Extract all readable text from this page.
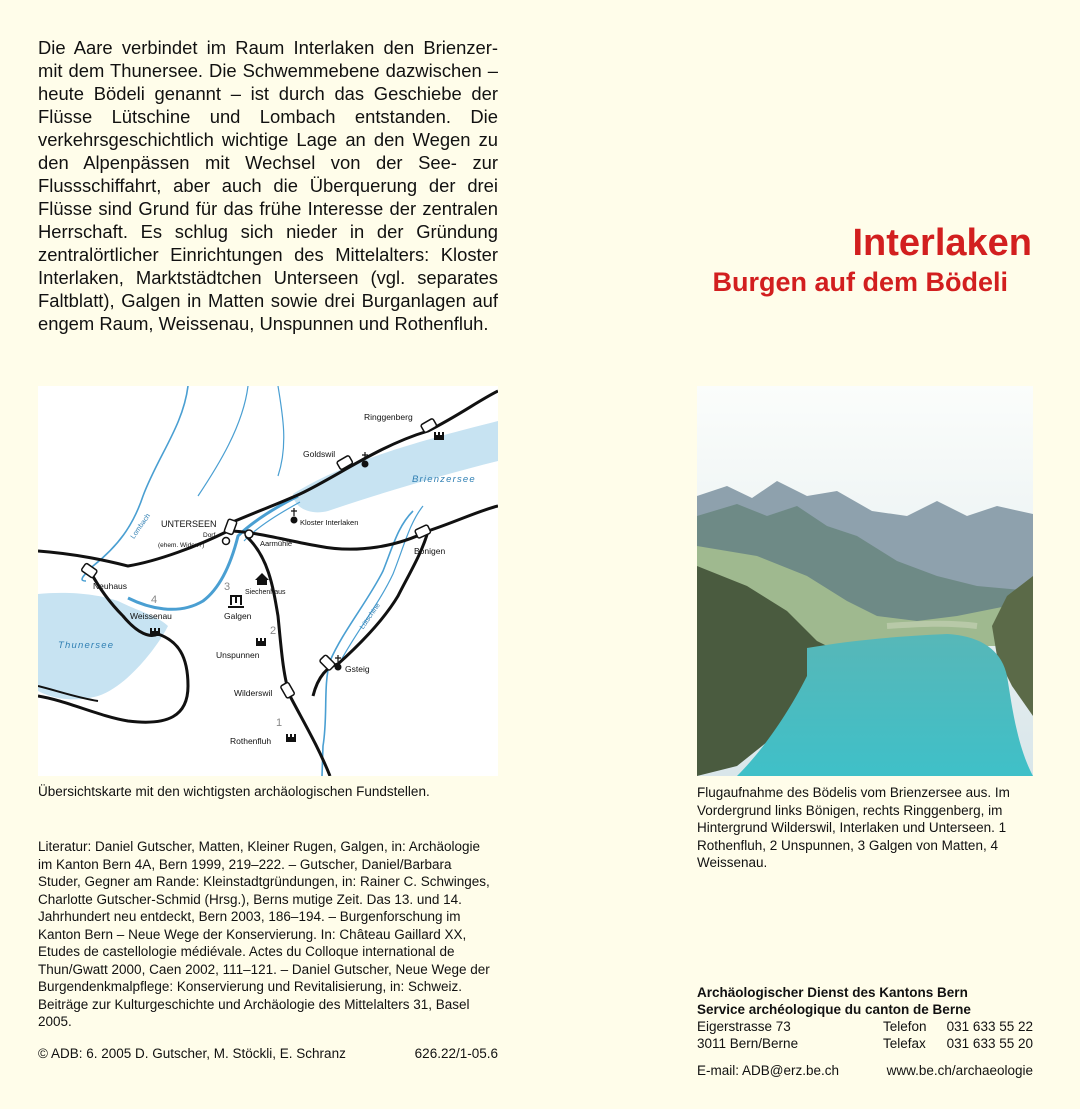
Die Aare verbindet im Raum Interlaken den Brienzer- mit dem Thunersee. Die Schwemmebene dazwischen – heute Bödeli genannt – ist durch das Geschiebe der Flüsse Lütschine und Lombach entstanden. Die verkehrsgeschichtlich wichtige Lage an den Wegen zu den Alpenpässen mit Wechsel von der See- zur Flussschiffahrt, aber auch die Überquerung der drei Flüsse sind Grund für das frühe Interesse der zentralen Herrschaft. Es schlug sich nieder in der Gründung zentralörtlicher Einrichtungen des Mittelalters: Kloster Interlaken, Marktstädtchen Unterseen (vgl. separates Faltblatt), Galgen in Matten sowie drei Burganlagen auf engem Raum, Weissenau, Unspunnen und Rothenfluh.
Interlaken
Burgen auf dem Bödeli
Ringgenberg
Goldswil
Brienzersee
UNTERSEEN
Dorf
(ehem. Widen?)
Kloster Interlaken
Aarmühle
Bönigen
Lombach
Neuhaus
4
Weissenau
Thunersee
3 Siechenhaus
Galgen	Lütschine
2
Unspunnen
Gsteig
Wilderswil
1
Rothenfluh
Übersichtskarte mit den wichtigsten archäologischen Fundstellen.
Literatur: Daniel Gutscher, Matten, Kleiner Rugen, Galgen, in: Archäologie im Kanton Bern 4A, Bern 1999, 219–222. – Gutscher, Daniel/Barbara Studer, Gegner am Rande: Kleinstadtgründungen, in: Rainer C. Schwinges, Charlotte Gutscher-Schmid (Hrsg.), Berns mutige Zeit. Das 13. und 14. Jahrhundert neu entdeckt, Bern 2003, 186–194. – Burgenforschung im Kanton Bern – Neue Wege der Konservierung. In: Château Gaillard XX, Etudes de castellologie médiévale. Actes du Colloque international de Thun/Gwatt 2000, Caen 2002, 111–121. – Daniel Gutscher, Neue Wege der Burgendenkmalpflege: Konservierung und Revitalisierung, in: Schweiz. Beiträge zur Kulturgeschichte und Archäologie des Mittelalters 31, Basel 2005.
© ADB: 6. 2005 D. Gutscher, M. Stöckli, E. Schranz	626.22/1-05.6
Flugaufnahme des Bödelis vom Brienzersee aus. Im Vordergrund links Bönigen, rechts Ringgenberg, im Hintergrund Wilderswil, Interlaken und Unterseen. 1 Rothenfluh, 2 Unspunnen, 3 Galgen von Matten, 4 Weissenau.
Archäologischer Dienst des Kantons Bern
Service archéologique du canton de Berne
Eigerstrasse 73	Telefon 031 633 55 22
3011 Bern/Berne	Telefax 031 633 55 20
E-mail: ADB@erz.be.ch	www.be.ch/archaeologie
